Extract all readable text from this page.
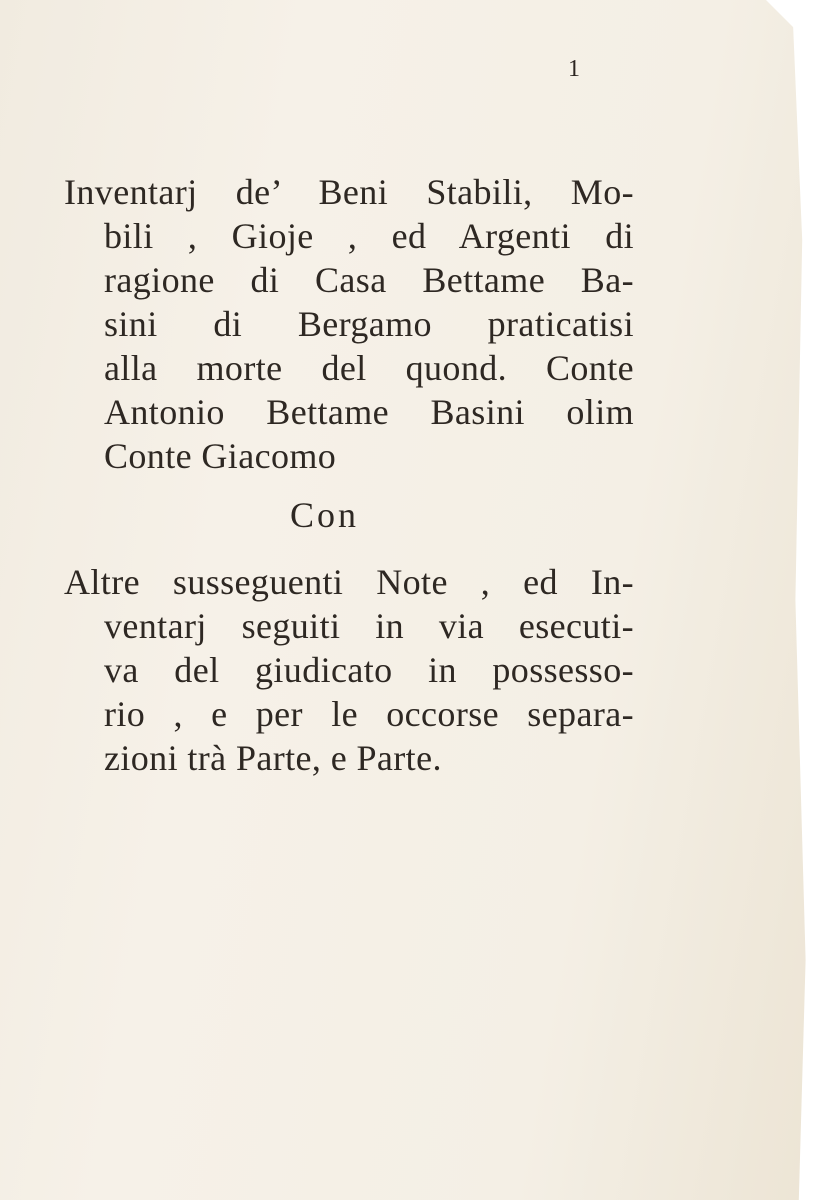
1
Inventarj de’ Beni Stabili, Mo-
bili , Gioje , ed Argenti di
ragione di Casa Bettame Ba-
sini di Bergamo praticatisi
alla morte del quond. Conte
Antonio Bettame Basini olim
Conte Giacomo
Con
Altre susseguenti Note , ed In-
ventarj seguiti in via esecuti-
va del giudicato in possesso-
rio , e per le occorse separa-
zioni trà Parte, e Parte.
